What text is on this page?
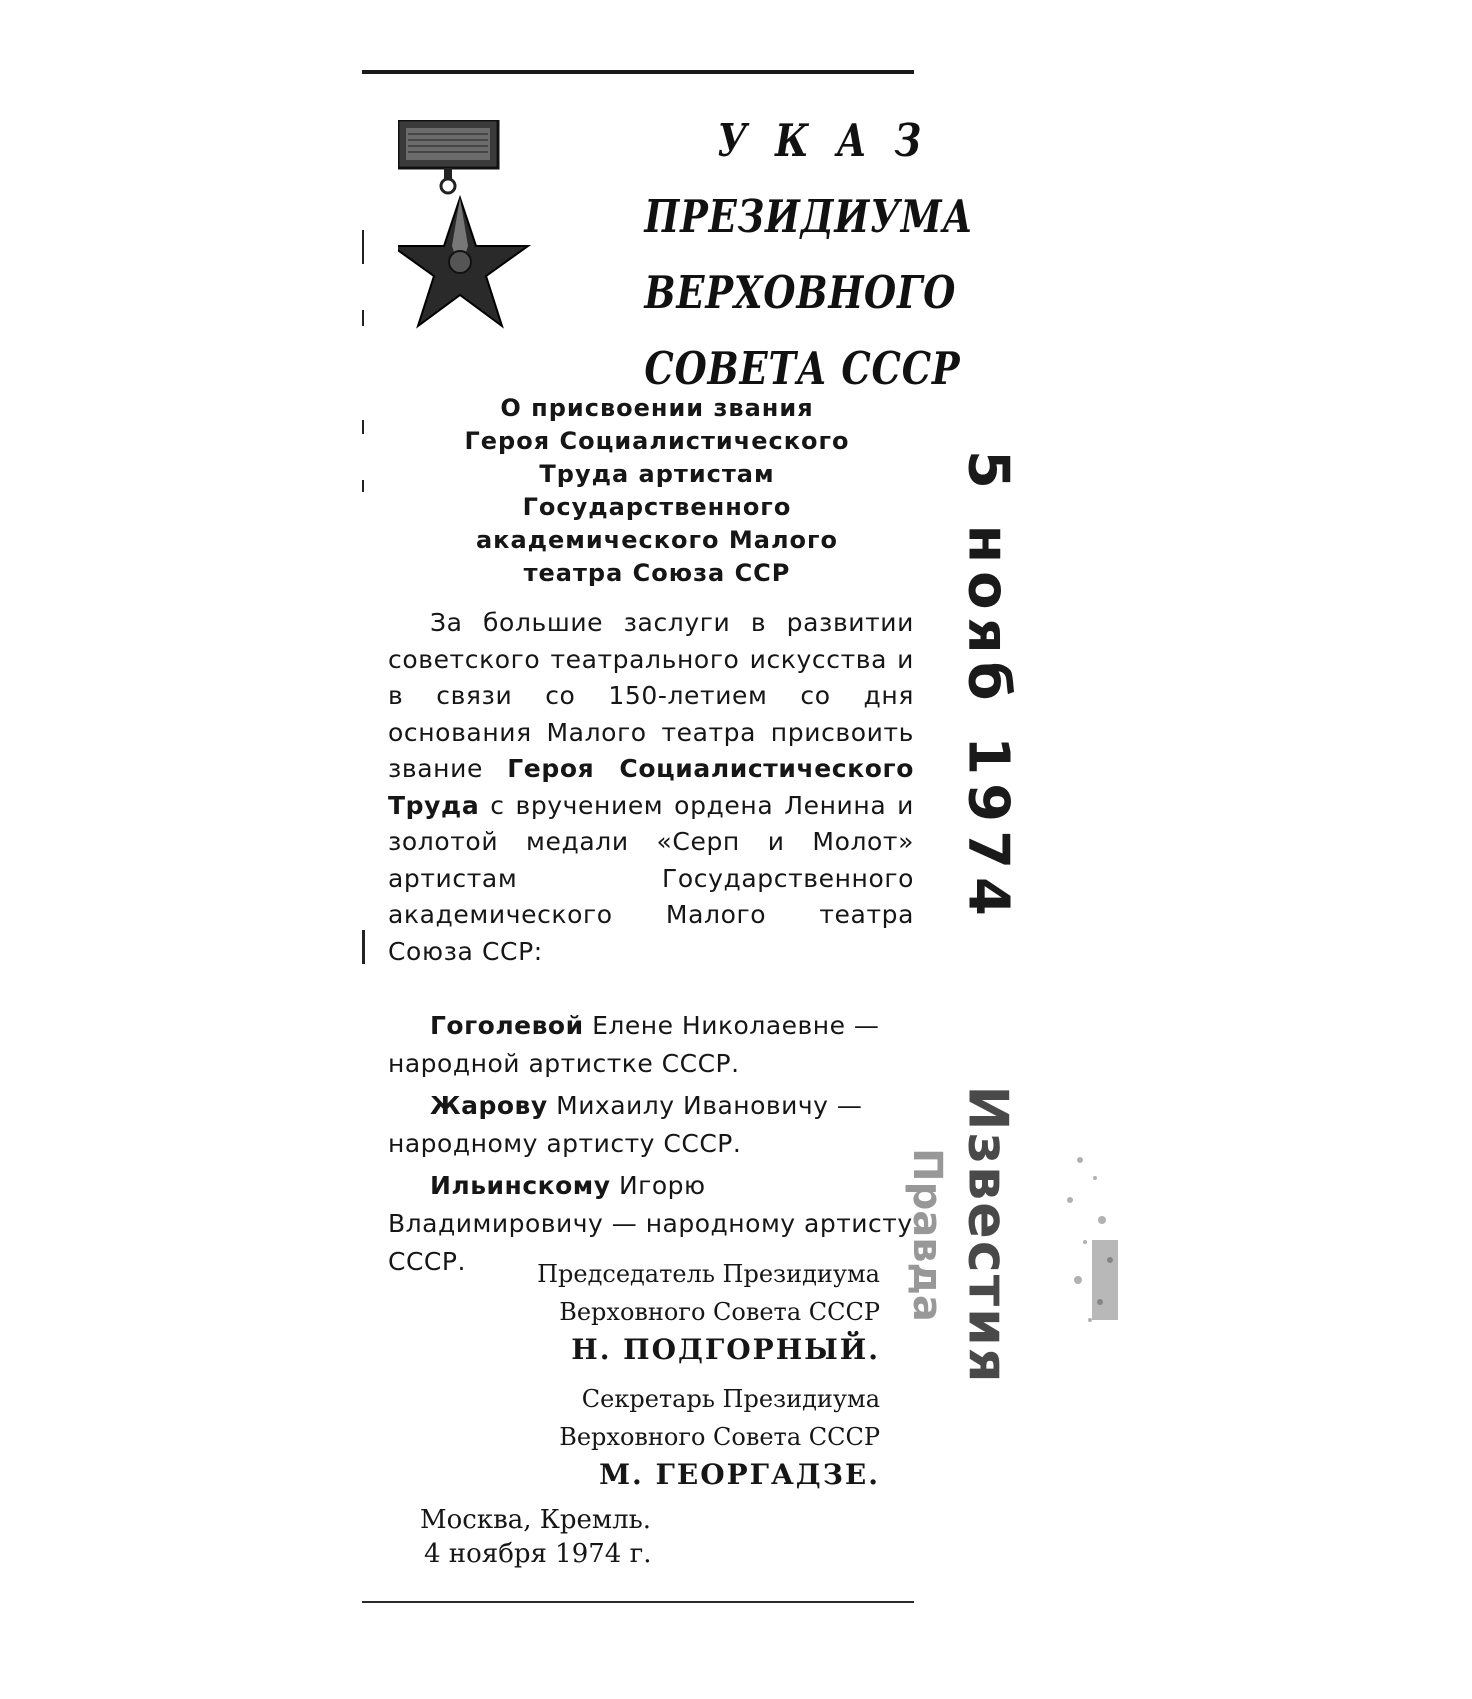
УКАЗ
ПРЕЗИДИУМА
ВЕРХОВНОГО
СОВЕТА СССР
О присвоении звания
Героя Социалистического
Труда артистам
Государственного
академического Малого
театра Союза ССР

За большие заслуги в развитии советского театрального искусства и в связи со 150-летием со дня основания Малого театра присвоить звание Героя Социалистического Труда с вручением ордена Ленина и золотой медали «Серп и Молот» артистам Государственного академического Малого театра Союза ССР:

Гоголевой Елене Николаевне — народной артистке СССР.

Жарову Михаилу Ивановичу — народному артисту СССР.

Ильинскому Игорю Владимировичу — народному артисту СССР.	Председатель Президиума
Верховного Совета СССР
Н. ПОДГОРНЫЙ.
Секретарь Президиума
Верховного Совета СССР
М. ГЕОРГАДЗЕ.
Москва, Кремль.
4 ноября 1974 г.
5 нояб 1974
Известия
Правда
